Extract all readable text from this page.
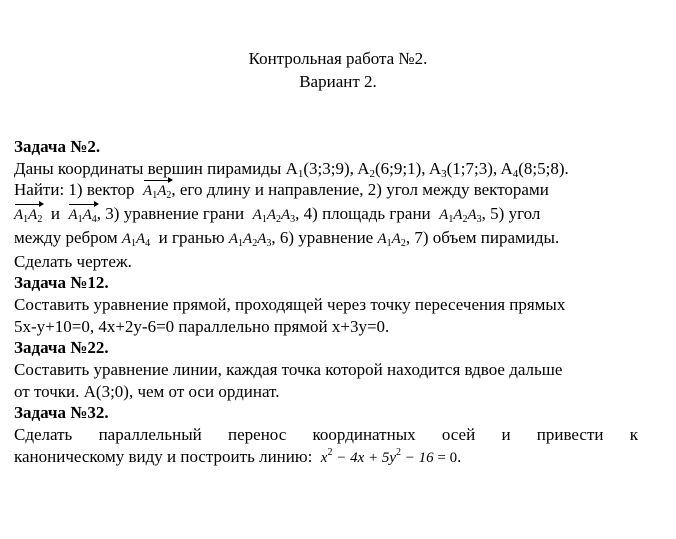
Контрольная работа №2.
Вариант 2.
Задача №2.
Даны координаты вершин пирамиды A1(3;3;9), A2(6;9;1), A3(1;7;3), A4(8;5;8).
Найти: 1) вектор $A_1A_2$, его длину и направление, 2) угол между векторами
$A_1A_2$ и $A_1A_4$, 3) уравнение грани $A_1A_2A_3$, 4) площадь грани $A_1A_2A_3$, 5) угол
между ребром $A_1A_4$ и гранью $A_1A_2A_3$, 6) уравнение $A_1A_2$, 7) объем пирамиды.
Сделать чертеж.
Задача №12.
Составить уравнение прямой, проходящей через точку пересечения прямых
5x-y+10=0, 4x+2y-6=0 параллельно прямой x+3y=0.
Задача №22.
Составить уравнение линии, каждая точка которой находится вдвое дальше
от точки. A(3;0), чем от оси ординат.
Задача №32.
Сделать параллельный перенос координатных осей и привести к
каноническому виду и построить линию: $x^2 - 4x + 5y^2 - 16 = 0$.
